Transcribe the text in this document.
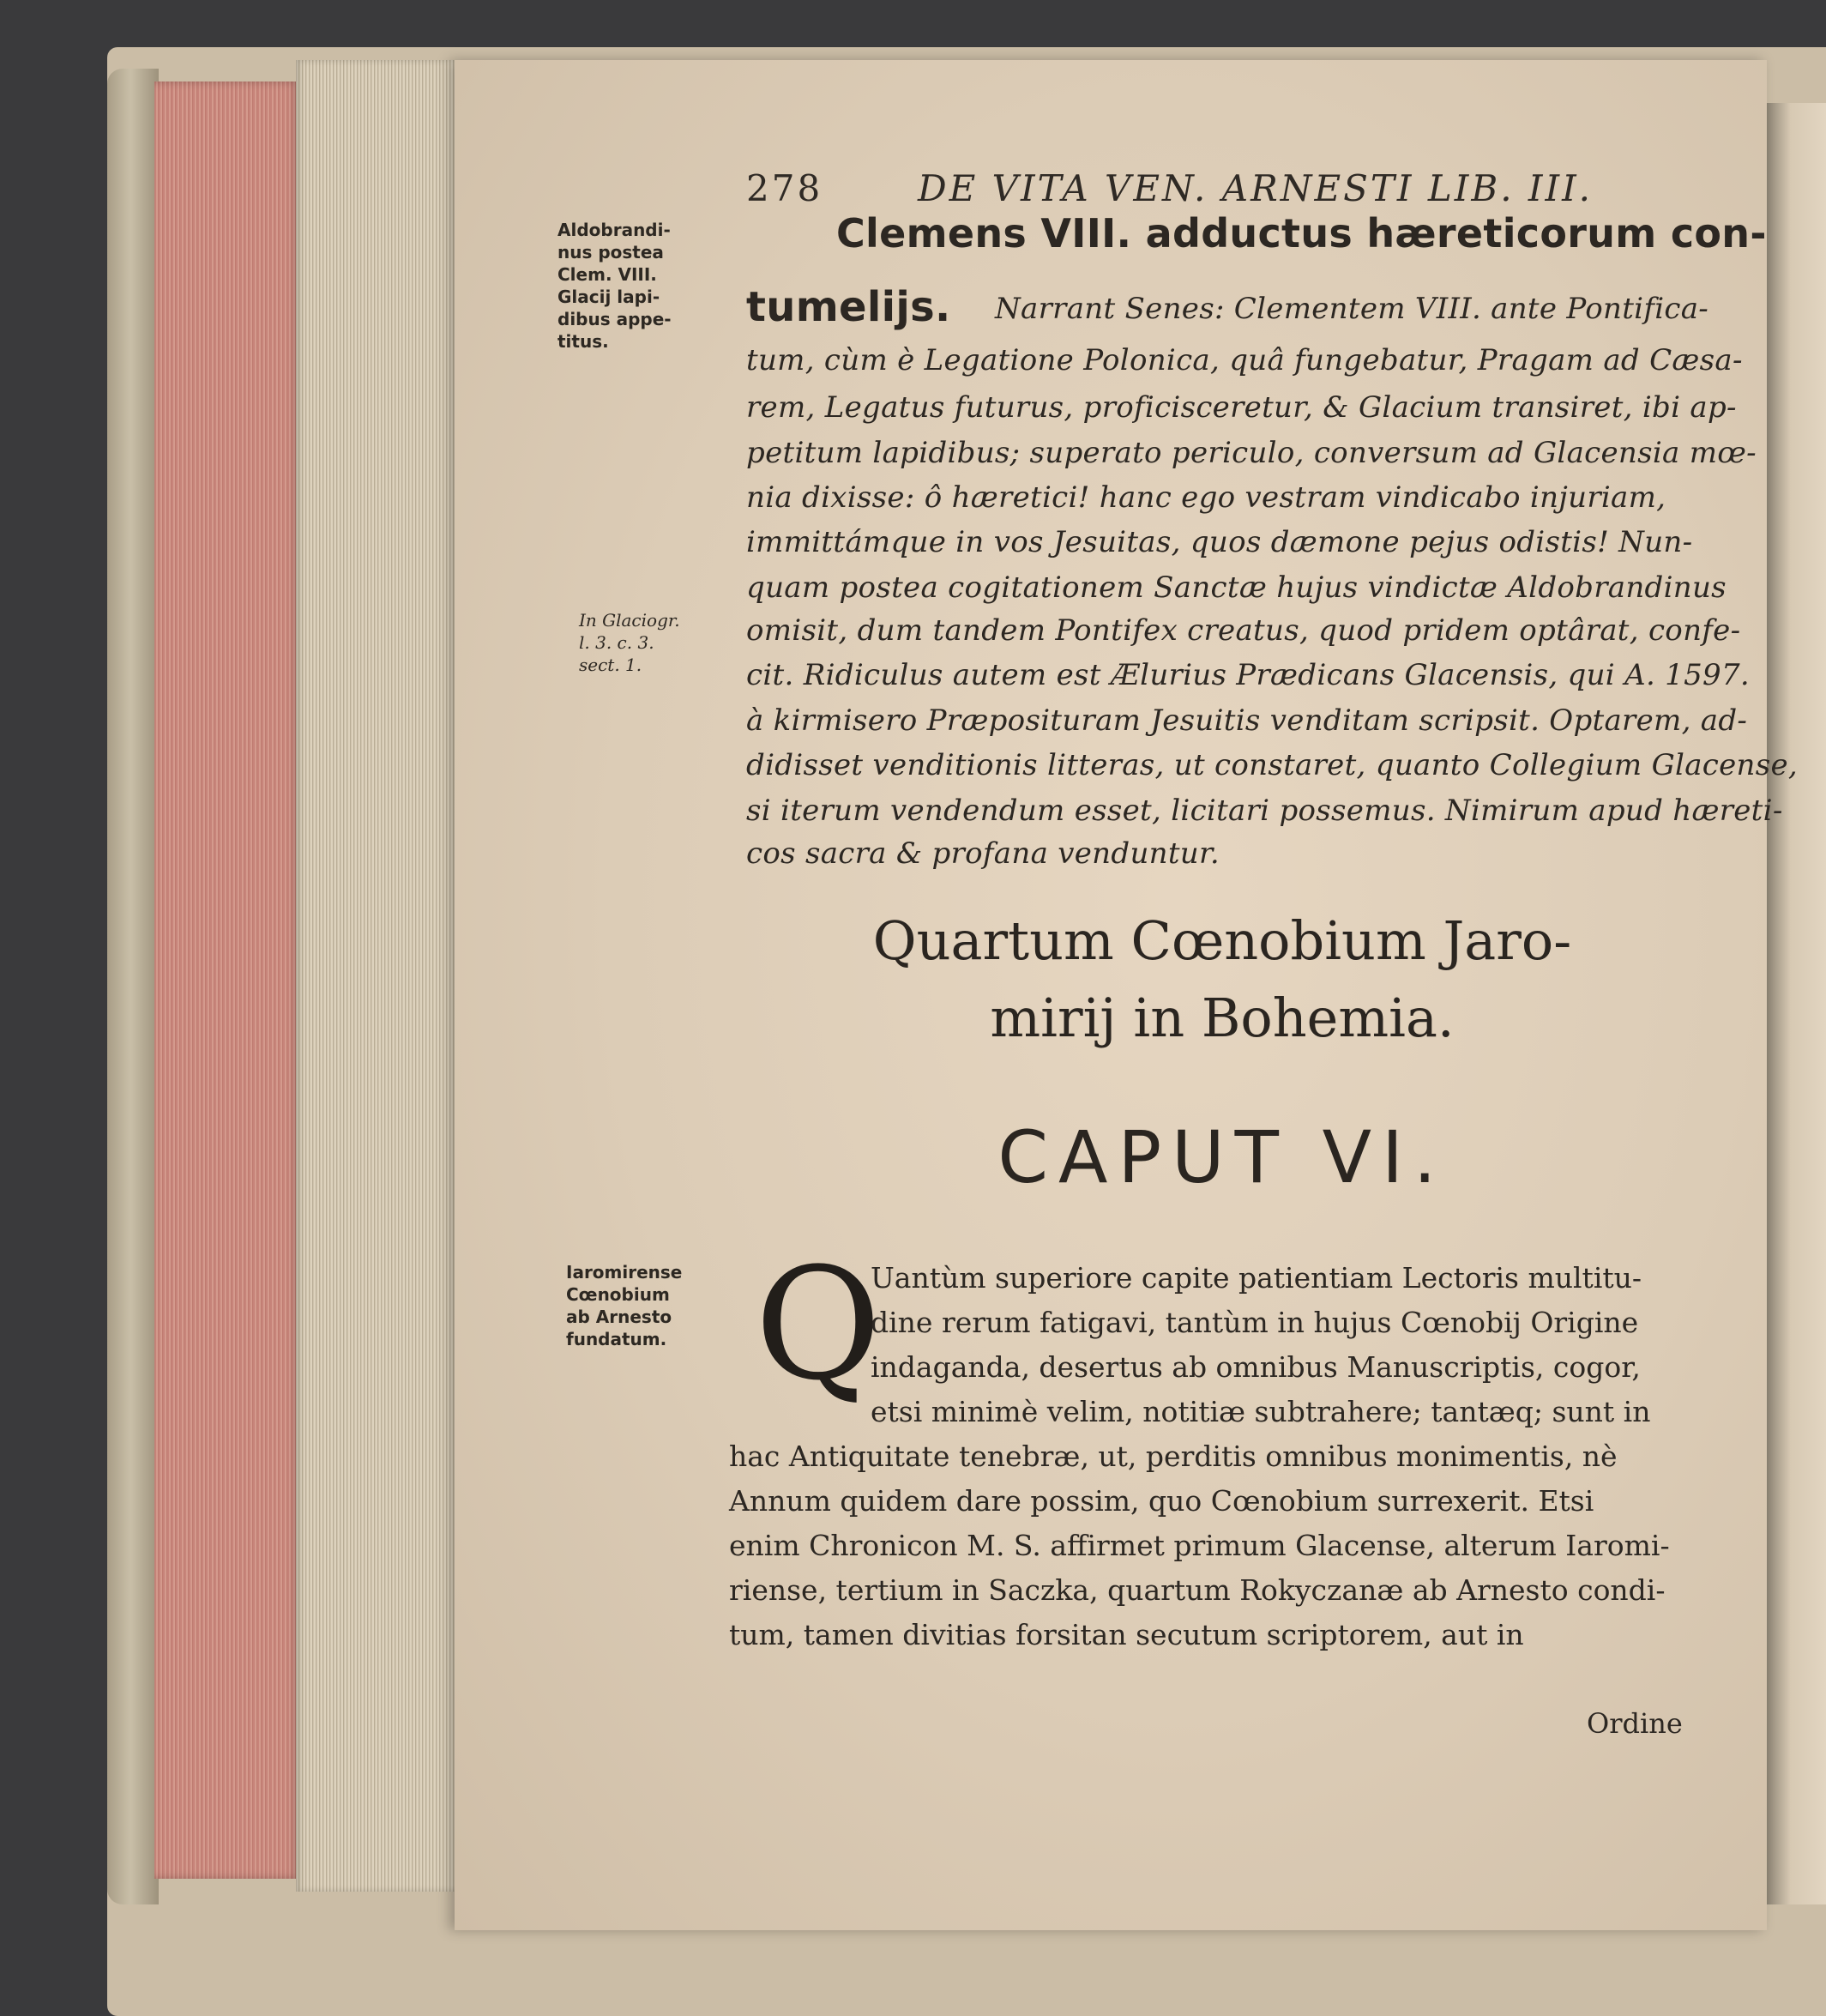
278	DE VITA VEN. ARNESTI LIB. III.
Aldobrandi-
nus postea
Clem. VIII.
Glacij lapi-
dibus appe-
titus.
In Glaciogr.
l. 3. c. 3.
sect. 1.
Iaromirense
Cœnobium
ab Arnesto
fundatum.
Clemens VIII. adductus hæreticorum con-
tumelijs. Narrant Senes: Clementem VIII. ante Pontifica-
tum, cùm è Legatione Polonica, quâ fungebatur, Pragam ad Cæsa-
rem, Legatus futurus, proficisceretur, & Glacium transiret, ibi ap-
petitum lapidibus; superato periculo, conversum ad Glacensia mœ-
nia dixisse: ô hæretici! hanc ego vestram vindicabo injuriam,
immittámque in vos Jesuitas, quos dæmone pejus odistis! Nun-
quam postea cogitationem Sanctæ hujus vindictæ Aldobrandinus
omisit, dum tandem Pontifex creatus, quod pridem optârat, confe-
cit. Ridiculus autem est Ælurius Prædicans Glacensis, qui A. 1597.
à kirmisero Præposituram Jesuitis venditam scripsit. Optarem, ad-
didisset venditionis litteras, ut constaret, quanto Collegium Glacense,
si iterum vendendum esset, licitari possemus. Nimirum apud hæreti-
cos sacra & profana venduntur.
Quartum Cœnobium Jaro-
mirij in Bohemia.
CAPUT VI.
Q
Uantùm superiore capite patientiam Lectoris multitu-
dine rerum fatigavi, tantùm in hujus Cœnobij Origine
indaganda, desertus ab omnibus Manuscriptis, cogor,
etsi minimè velim, notitiæ subtrahere; tantæq; sunt in
hac Antiquitate tenebræ, ut, perditis omnibus monimentis, nè
Annum quidem dare possim, quo Cœnobium surrexerit. Etsi
enim Chronicon M. S. affirmet primum Glacense, alterum Iaromi-
riense, tertium in Saczka, quartum Rokyczanæ ab Arnesto condi-
tum, tamen divitias forsitan secutum scriptorem, aut in
Ordine
